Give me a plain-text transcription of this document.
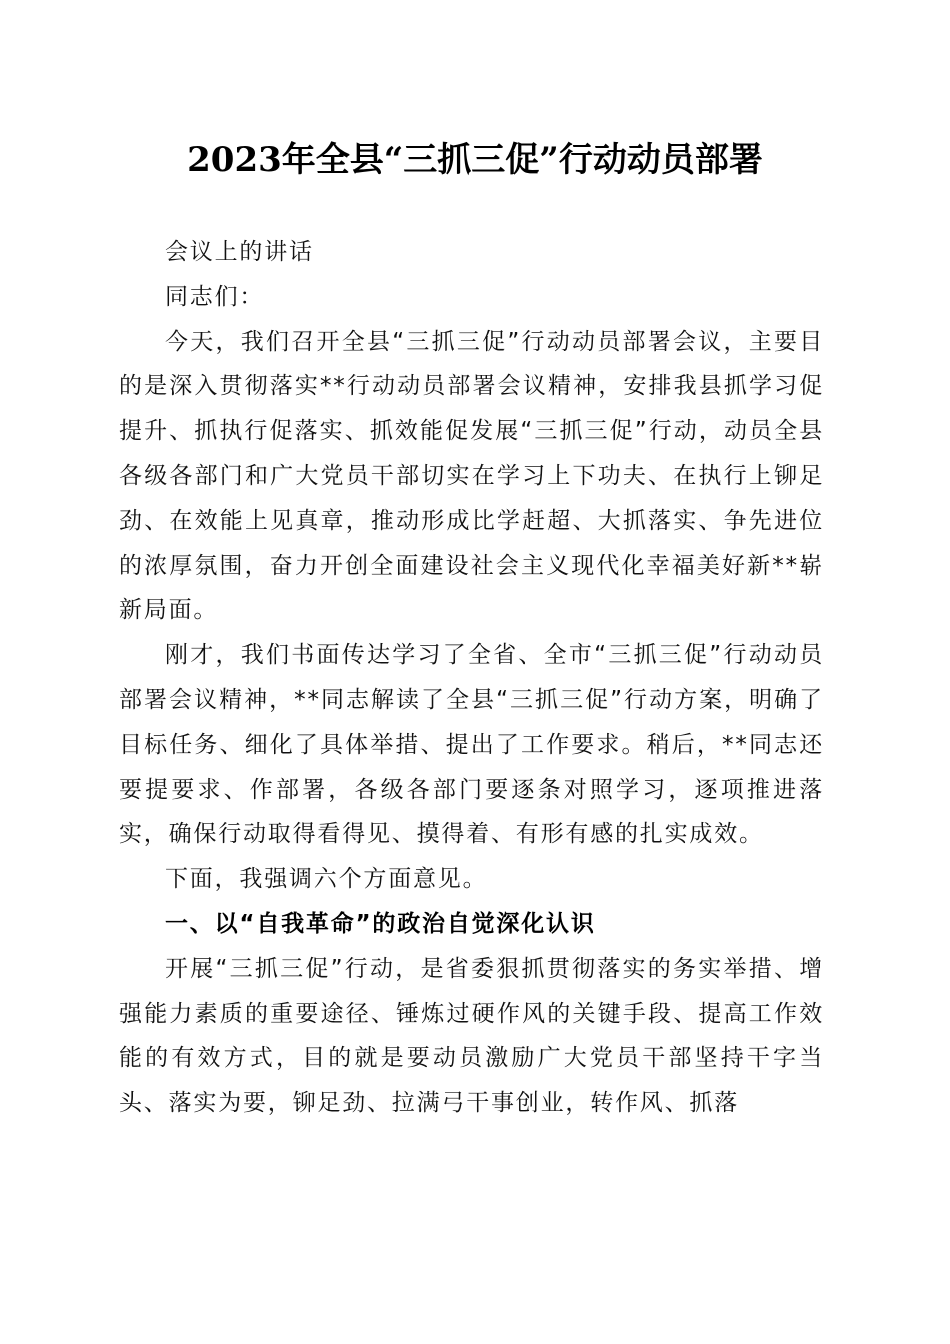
2023年全县“三抓三促”行动动员部署

会议上的讲话

同志们：

今天，我们召开全县“三抓三促”行动动员部署会议，主要目的是深入贯彻落实**行动动员部署会议精神，安排我县抓学习促提升、抓执行促落实、抓效能促发展“三抓三促”行动，动员全县各级各部门和广大党员干部切实在学习上下功夫、在执行上铆足劲、在效能上见真章，推动形成比学赶超、大抓落实、争先进位的浓厚氛围，奋力开创全面建设社会主义现代化幸福美好新**崭新局面。

刚才，我们书面传达学习了全省、全市“三抓三促”行动动员部署会议精神，**同志解读了全县“三抓三促”行动方案，明确了目标任务、细化了具体举措、提出了工作要求。稍后，**同志还要提要求、作部署，各级各部门要逐条对照学习，逐项推进落实，确保行动取得看得见、摸得着、有形有感的扎实成效。

下面，我强调六个方面意见。

一、以“自我革命”的政治自觉深化认识

开展“三抓三促”行动，是省委狠抓贯彻落实的务实举措、增强能力素质的重要途径、锤炼过硬作风的关键手段、提高工作效能的有效方式，目的就是要动员激励广大党员干部坚持干字当头、落实为要，铆足劲、拉满弓干事创业，转作风、抓落
